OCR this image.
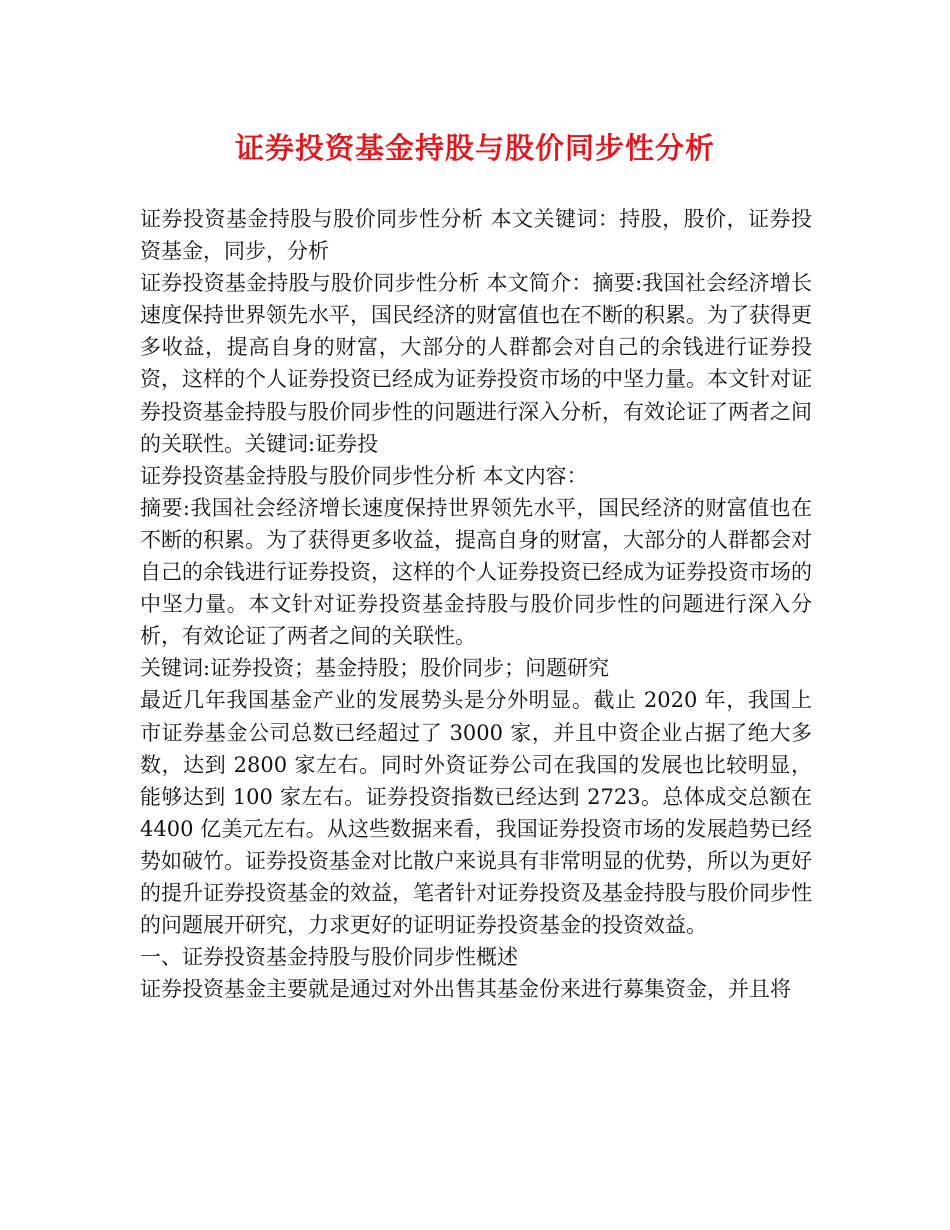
证券投资基金持股与股价同步性分析

证券投资基金持股与股价同步性分析 本文关键词：持股，股价，证券投资基金，同步，分析

证券投资基金持股与股价同步性分析 本文简介：摘要:我国社会经济增长速度保持世界领先水平，国民经济的财富值也在不断的积累。为了获得更多收益，提高自身的财富，大部分的人群都会对自己的余钱进行证券投资，这样的个人证券投资已经成为证券投资市场的中坚力量。本文针对证券投资基金持股与股价同步性的问题进行深入分析，有效论证了两者之间的关联性。关键词:证券投

证券投资基金持股与股价同步性分析 本文内容：

摘要:我国社会经济增长速度保持世界领先水平，国民经济的财富值也在不断的积累。为了获得更多收益，提高自身的财富，大部分的人群都会对自己的余钱进行证券投资，这样的个人证券投资已经成为证券投资市场的中坚力量。本文针对证券投资基金持股与股价同步性的问题进行深入分析，有效论证了两者之间的关联性。

关键词:证券投资；基金持股；股价同步；问题研究

最近几年我国基金产业的发展势头是分外明显。截止 2020 年，我国上市证券基金公司总数已经超过了 3000 家，并且中资企业占据了绝大多数，达到 2800 家左右。同时外资证券公司在我国的发展也比较明显，能够达到 100 家左右。证券投资指数已经达到 2723。总体成交总额在 4400 亿美元左右。从这些数据来看，我国证券投资市场的发展趋势已经势如破竹。证券投资基金对比散户来说具有非常明显的优势，所以为更好的提升证券投资基金的效益，笔者针对证券投资及基金持股与股价同步性的问题展开研究，力求更好的证明证券投资基金的投资效益。

一、证券投资基金持股与股价同步性概述

证券投资基金主要就是通过对外出售其基金份来进行募集资金，并且将
